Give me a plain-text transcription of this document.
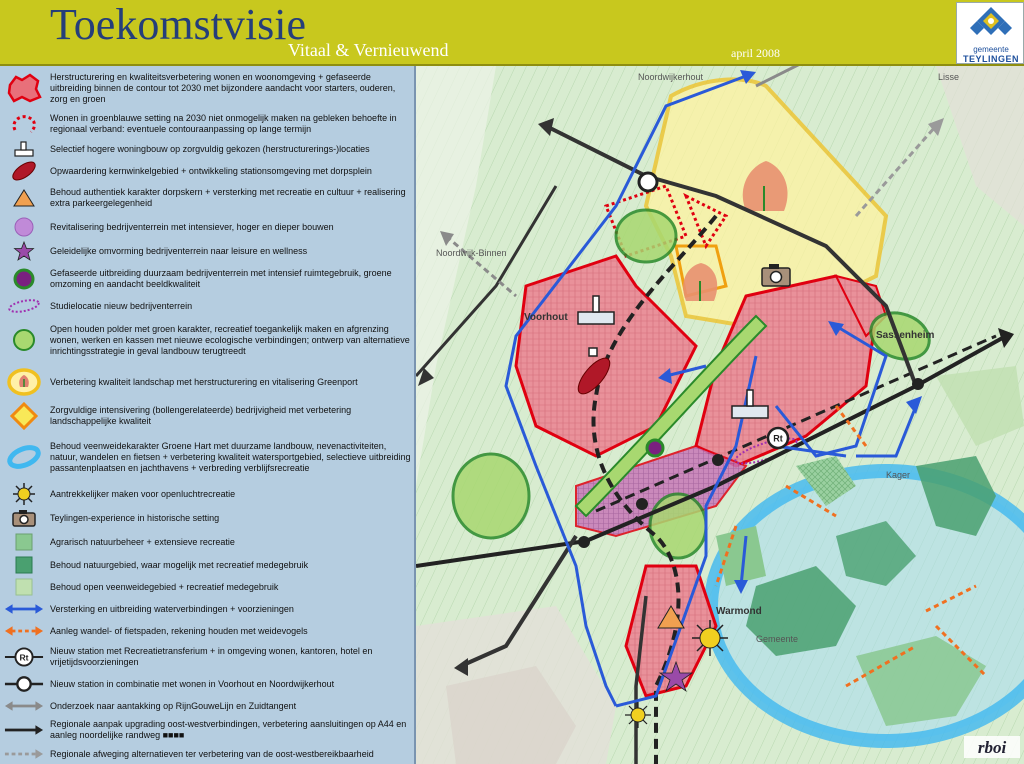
Toekomstvisie
Vitaal & Vernieuwend	april 2008	gemeente
TEYLINGEN
Herstructurering en kwaliteitsverbetering wonen en woonomgeving + gefaseerde uitbreiding binnen de contour tot 2030 met bijzondere aandacht voor starters, ouderen, zorg en groen
Wonen in groenblauwe setting na 2030 niet onmogelijk maken na gebleken behoefte in regionaal verband: eventuele contouraanpassing op lange termijn
Selectief hogere woningbouw op zorgvuldig gekozen (herstructurerings-)locaties
Opwaardering kernwinkelgebied + ontwikkeling stationsomgeving met dorpsplein
Behoud authentiek karakter dorpskern + versterking met recreatie en cultuur + realisering extra parkeergelegenheid
Revitalisering bedrijventerrein met intensiever, hoger en dieper bouwen
Geleidelijke omvorming bedrijventerrein naar leisure en wellness
Gefaseerde uitbreiding duurzaam bedrijventerrein met intensief ruimtegebruik, groene omzoming en aandacht beeldkwaliteit
Studielocatie nieuw bedrijventerrein
Open houden polder met groen karakter, recreatief toegankelijk maken en afgrenzing wonen, werken en kassen met nieuwe ecologische verbindingen; ontwerp van alternatieve inrichtingsstrategie in geval landbouw terugtreedt
Verbetering kwaliteit landschap met herstructurering en vitalisering Greenport
Zorgvuldige intensivering (bollengerelateerde) bedrijvigheid met verbetering landschappelijke kwaliteit
Behoud veenweidekarakter Groene Hart met duurzame landbouw, nevenactiviteiten, natuur, wandelen en fietsen + verbetering kwaliteit watersportgebied, selectieve uitbreiding passantenplaatsen en jachthavens + verbreding verblijfsrecreatie
Aantrekkelijker maken voor openluchtrecreatie
Teylingen-experience in historische setting
Agrarisch natuurbeheer + extensieve recreatie
Behoud natuurgebied, waar mogelijk met recreatief medegebruik
Behoud open veenweidegebied + recreatief medegebruik
Versterking en uitbreiding waterverbindingen + voorzieningen
Aanleg wandel- of fietspaden, rekening houden met weidevogels
Rt
Nieuw station met Recreatietransferium + in omgeving wonen, kantoren, hotel en vrijetijdsvoorzieningen
Nieuw station in combinatie met wonen in Voorhout en Noordwijkerhout
Onderzoek naar aantakking op RijnGouweLijn en Zuidtangent
Regionale aanpak upgrading oost-westverbindingen, verbetering aansluitingen op A44 en aanleg noordelijke randweg ■■■■
Regionale afweging alternatieven ter verbetering van de oost-westbereikbaarheid
Rt
Voorhout
Sassenheim
Warmond
Lisse
Noordwijkerhout
Noordwijk-Binnen
Kager
Gemeente
rboi
